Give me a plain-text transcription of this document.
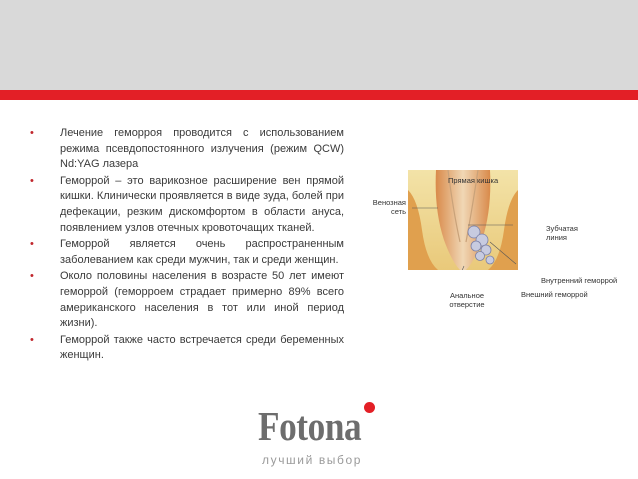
• Лечение геморроя проводится с использованием режима псевдопостоянного излучения (режим QCW) Nd:YAG лазера
• Геморрой – это варикозное расширение вен прямой кишки. Клинически проявляется в виде зуда, болей при дефекации, резким дискомфортом в области ануса, появлением узлов отечных кровоточащих тканей.
• Геморрой является очень распространенным заболеванием как среди мужчин, так и среди женщин.
• Около половины населения в возрасте 50 лет имеют геморрой (геморроем страдает примерно 89% всего американского населения в тот или иной период жизни).
• Геморрой также часто встречается среди беременных женщин.
Прямая кишка
Венозная сеть
Зубчатая линия
Внутренний геморрой
Внешний геморрой
Анальное отверстие
Fotona
лучший выбор
